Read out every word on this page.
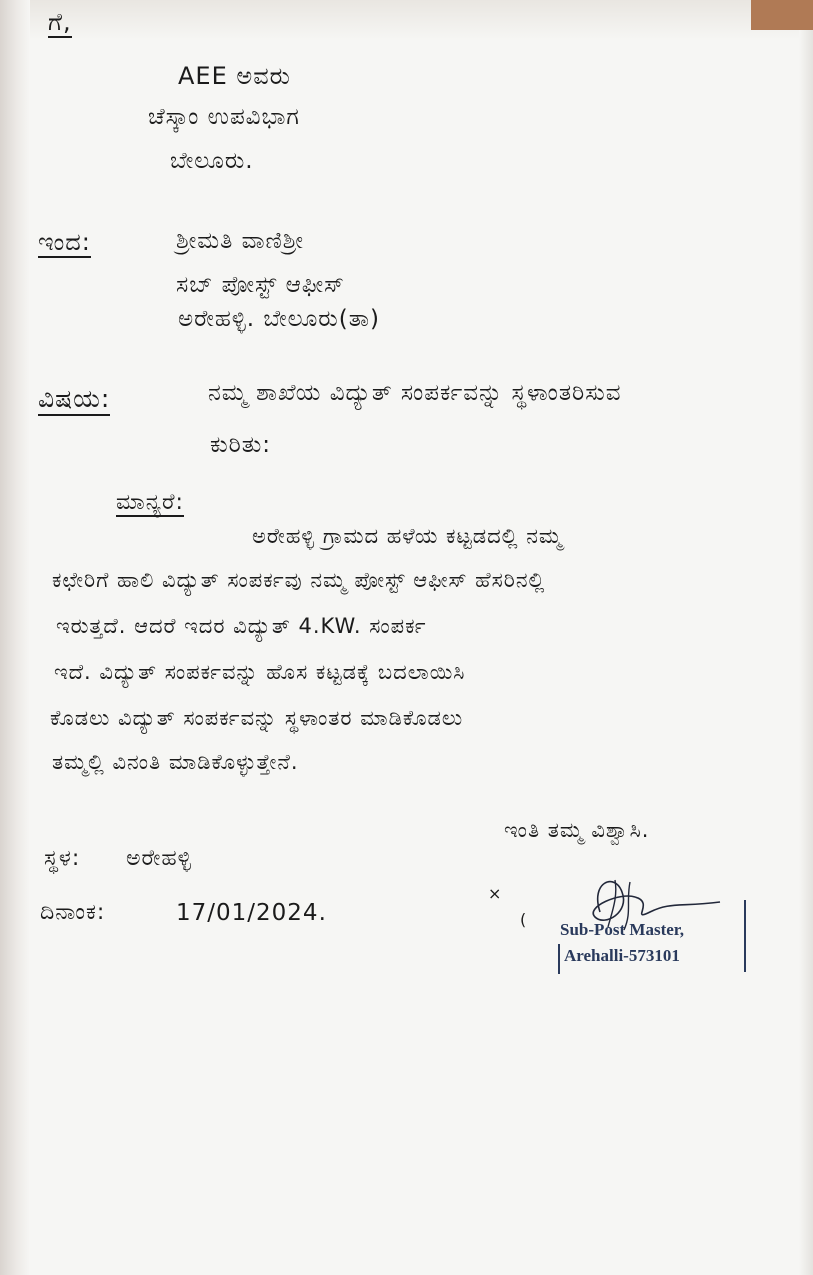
ಗೆ,
AEE ಅವರು
ಚೆಸ್ಕಾಂ ಉಪವಿಭಾಗ
ಬೇಲೂರು.
ಇಂದ:	ಶ್ರೀಮತಿ ವಾಣಿಶ್ರೀ
ಸಬ್ ಪೋಸ್ಟ್ ಆಫೀಸ್
ಅರೇಹಳ್ಳಿ. ಬೇಲೂರು(ತಾ)
ವಿಷಯ:	ನಮ್ಮ ಶಾಖೆಯ ವಿದ್ಯುತ್ ಸಂಪರ್ಕವನ್ನು ಸ್ಥಳಾಂತರಿಸುವ
ಕುರಿತು:
ಮಾನ್ಯರೆ:
ಅರೇಹಳ್ಳಿ ಗ್ರಾಮದ ಹಳೆಯ ಕಟ್ಟಡದಲ್ಲಿ ನಮ್ಮ
ಕಛೇರಿಗೆ ಹಾಲಿ ವಿದ್ಯುತ್ ಸಂಪರ್ಕವು ನಮ್ಮ ಪೋಸ್ಟ್ ಆಫೀಸ್ ಹೆಸರಿನಲ್ಲಿ
ಇರುತ್ತದೆ. ಆದರೆ ಇದರ ವಿದ್ಯುತ್ 4.KW. ಸಂಪರ್ಕ
ಇದೆ. ವಿದ್ಯುತ್ ಸಂಪರ್ಕವನ್ನು ಹೊಸ ಕಟ್ಟಡಕ್ಕೆ ಬದಲಾಯಿಸಿ
ಕೊಡಲು ವಿದ್ಯುತ್ ಸಂಪರ್ಕವನ್ನು ಸ್ಥಳಾಂತರ ಮಾಡಿಕೊಡಲು
ತಮ್ಮಲ್ಲಿ ವಿನಂತಿ ಮಾಡಿಕೊಳ್ಳುತ್ತೇನೆ.
ಇಂತಿ ತಮ್ಮ ವಿಶ್ವಾಸಿ.
ಸ್ಥಳ: ಅರೇಹಳ್ಳಿ
ದಿನಾಂಕ:	17/01/2024.
×
Sub-Post Master,
Arehalli-573101
(
